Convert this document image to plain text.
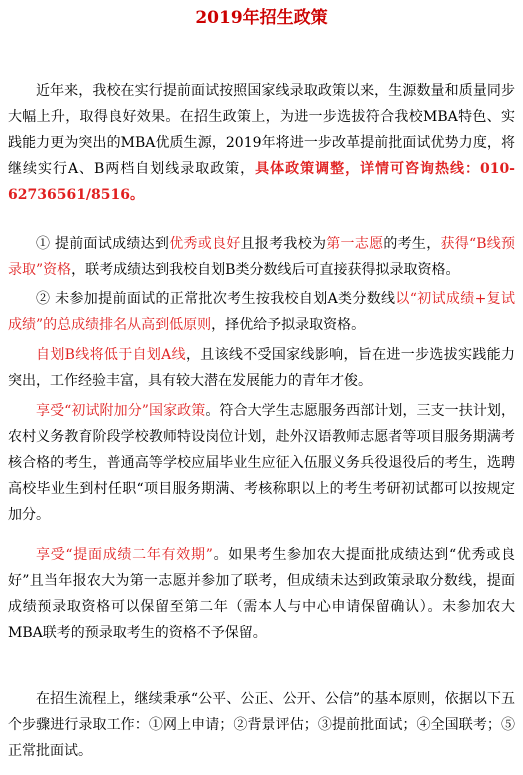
2019年招生政策

近年来，我校在实行提前面试按照国家线录取政策以来，生源数量和质量同步大幅上升，取得良好效果。在招生政策上，为进一步选拔符合我校MBA特色、实践能力更为突出的MBA优质生源，2019年将进一步改革提前批面试优势力度，将继续实行A、B两档自划线录取政策，具体政策调整，详情可咨询热线：010-62736561/8516。

① 提前面试成绩达到优秀或良好且报考我校为第一志愿的考生，获得“B线预录取”资格，联考成绩达到我校自划B类分数线后可直接获得拟录取资格。

② 未参加提前面试的正常批次考生按我校自划A类分数线以“初试成绩+复试成绩”的总成绩排名从高到低原则，择优给予拟录取资格。

自划B线将低于自划A线，且该线不受国家线影响，旨在进一步选拔实践能力突出，工作经验丰富，具有较大潜在发展能力的青年才俊。

享受“初试附加分”国家政策。符合大学生志愿服务西部计划，三支一扶计划，农村义务教育阶段学校教师特设岗位计划，赴外汉语教师志愿者等项目服务期满考核合格的考生，普通高等学校应届毕业生应征入伍服义务兵役退役后的考生，选聘高校毕业生到村任职“项目服务期满、考核称职以上的考生考研初试都可以按规定加分。

享受“提面成绩二年有效期”。如果考生参加农大提面批成绩达到“优秀或良好”且当年报农大为第一志愿并参加了联考，但成绩未达到政策录取分数线，提面成绩预录取资格可以保留至第二年（需本人与中心申请保留确认）。未参加农大MBA联考的预录取考生的资格不予保留。

在招生流程上，继续秉承“公平、公正、公开、公信”的基本原则，依据以下五个步骤进行录取工作：①网上申请；②背景评估；③提前批面试；④全国联考；⑤正常批面试。
